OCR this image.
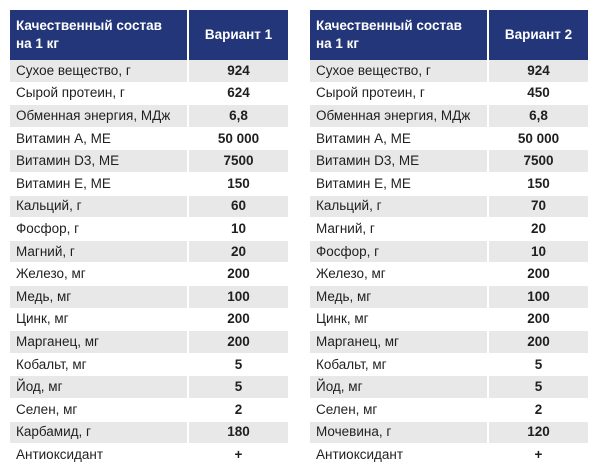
Качественный состав на 1 кг	Вариант 1
Сухое вещество, г	924
Сырой протеин, г	624
Обменная энергия, МДж	6,8
Витамин А, МЕ	50 000
Витамин D3, МЕ	7500
Витамин Е, МЕ	150
Кальций, г	60
Фосфор, г	10
Магний, г	20
Железо, мг	200
Медь, мг	100
Цинк, мг	200
Марганец, мг	200
Кобальт, мг	5
Йод, мг	5
Селен, мг	2
Карбамид, г	180
Антиоксидант	+
Качественный состав на 1 кг	Вариант 2
Сухое вещество, г	924
Сырой протеин, г	450
Обменная энергия, МДж	6,8
Витамин А, МЕ	50 000
Витамин D3, МЕ	7500
Витамин Е, МЕ	150
Кальций, г	70
Магний, г	20
Фосфор, г	10
Железо, мг	200
Медь, мг	100
Цинк, мг	200
Марганец, мг	200
Кобальт, мг	5
Йод, мг	5
Селен, мг	2
Мочевина, г	120
Антиоксидант	+
